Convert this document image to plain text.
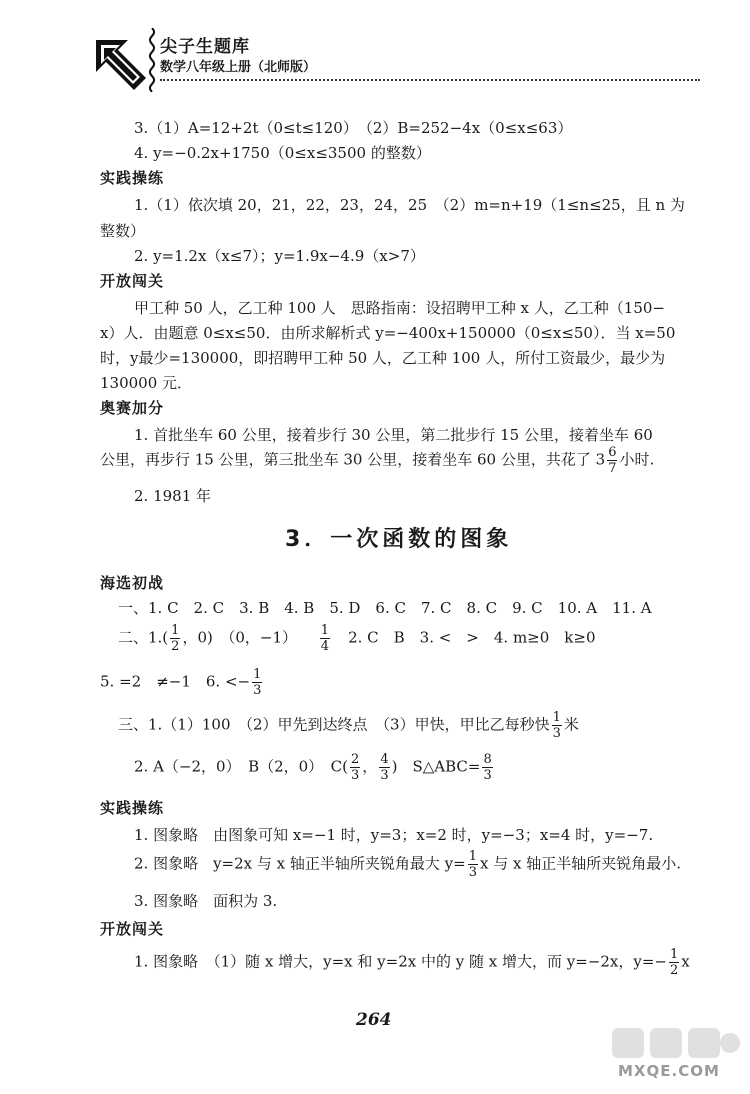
尖子生题库
数学八年级上册（北师版）
3.（1）A=12+2t（0≤t≤120）　（2）B=252−4x（0≤x≤63）
4. y=−0.2x+1750（0≤x≤3500 的整数）
实践操练
1.（1）依次填 20，21，22，23，24，25　（2）m=n+19（1≤n≤25，且 n 为
整数）
2. y=1.2x（x≤7）；y=1.9x−4.9（x>7）
开放闯关
甲工种 50 人，乙工种 100 人　思路指南：设招聘甲工种 x 人，乙工种（150−
x）人．由题意 0≤x≤50．由所求解析式 y=−400x+150000（0≤x≤50）．当 x=50
时，y最少=130000，即招聘甲工种 50 人，乙工种 100 人，所付工资最少，最少为
130000 元．
奥赛加分
1. 首批坐车 60 公里，接着步行 30 公里，第二批步行 15 公里，接着坐车 60
公里，再步行 15 公里，第三批坐车 30 公里，接着坐车 60 公里，共花了 $3 \frac{6}{7}$ 小时.
2. 1981 年
3．一次函数的图象
海选初战
一、1. C　2. C　3. B　4. B　5. D　6. C　7. C　8. C　9. C　10. A　11. A
二、$1.( \frac{1}{2}$ ，0)　（0，$-1) \frac{1}{4} 2$. C　B　3. <　>　4. m≥0　k≥0
5. =2　≠−1　6. <− $\frac{1}{3}$
三、1.（1）100　（2）甲先到达终点　（3）甲快，甲比乙每秒快 $\frac{1}{3}$ 米
2. A（−2，0）　B（2，0）　$C( \frac{2}{3}$ ， $\frac{4}{3}$ )　S△ABC= $\frac{8}{3}$
实践操练
1. 图象略　由图象可知 x=−1 时，y=3；x=2 时，y=−3；x=4 时，y=−7.
2. 图象略　y=2x 与 x 轴正半轴所夹锐角最大 $y= \frac{1}{3}$ x 与 x 轴正半轴所夹锐角最小.
3. 图象略　面积为 3.
开放闯关
1. 图象略　（1）随 x 增大，y=x 和 y=2x 中的 y 随 x 增大，而 y=−2x，$y=- \frac{1}{2}$ x
264
MXQE.COM
